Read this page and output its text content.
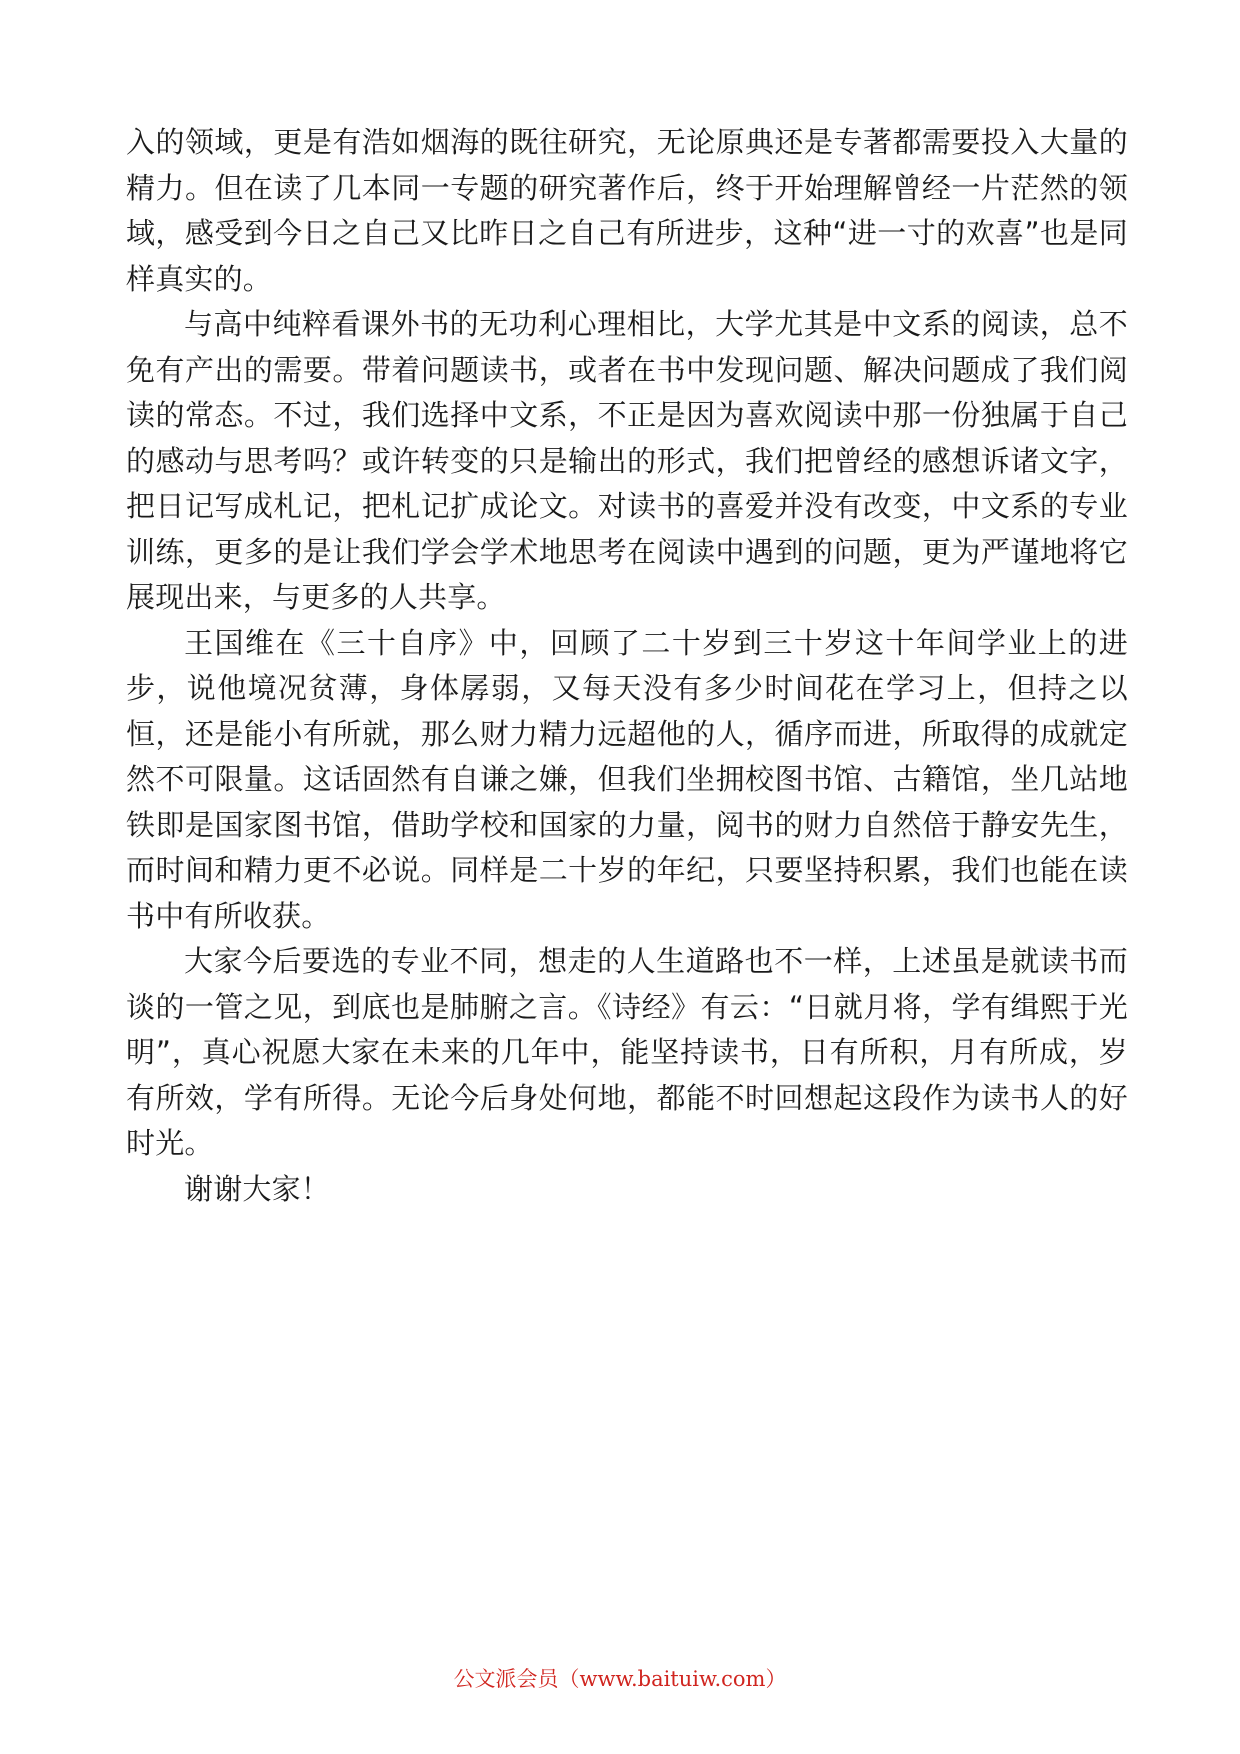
入的领域，更是有浩如烟海的既往研究，无论原典还是专著都需要投入大量的精力。但在读了几本同一专题的研究著作后，终于开始理解曾经一片茫然的领域，感受到今日之自己又比昨日之自己有所进步，这种“进一寸的欢喜”也是同样真实的。

与高中纯粹看课外书的无功利心理相比，大学尤其是中文系的阅读，总不免有产出的需要。带着问题读书，或者在书中发现问题、解决问题成了我们阅读的常态。不过，我们选择中文系，不正是因为喜欢阅读中那一份独属于自己的感动与思考吗？或许转变的只是输出的形式，我们把曾经的感想诉诸文字，把日记写成札记，把札记扩成论文。对读书的喜爱并没有改变，中文系的专业训练，更多的是让我们学会学术地思考在阅读中遇到的问题，更为严谨地将它展现出来，与更多的人共享。

王国维在《三十自序》中，回顾了二十岁到三十岁这十年间学业上的进步，说他境况贫薄，身体孱弱，又每天没有多少时间花在学习上，但持之以恒，还是能小有所就，那么财力精力远超他的人，循序而进，所取得的成就定然不可限量。这话固然有自谦之嫌，但我们坐拥校图书馆、古籍馆，坐几站地铁即是国家图书馆，借助学校和国家的力量，阅书的财力自然倍于静安先生，而时间和精力更不必说。同样是二十岁的年纪，只要坚持积累，我们也能在读书中有所收获。

大家今后要选的专业不同，想走的人生道路也不一样，上述虽是就读书而谈的一管之见，到底也是肺腑之言。《诗经》有云：“日就月将，学有缉熙于光明”，真心祝愿大家在未来的几年中，能坚持读书，日有所积，月有所成，岁有所效，学有所得。无论今后身处何地，都能不时回想起这段作为读书人的好时光。

谢谢大家！

公文派会员（www.baituiw.com）
